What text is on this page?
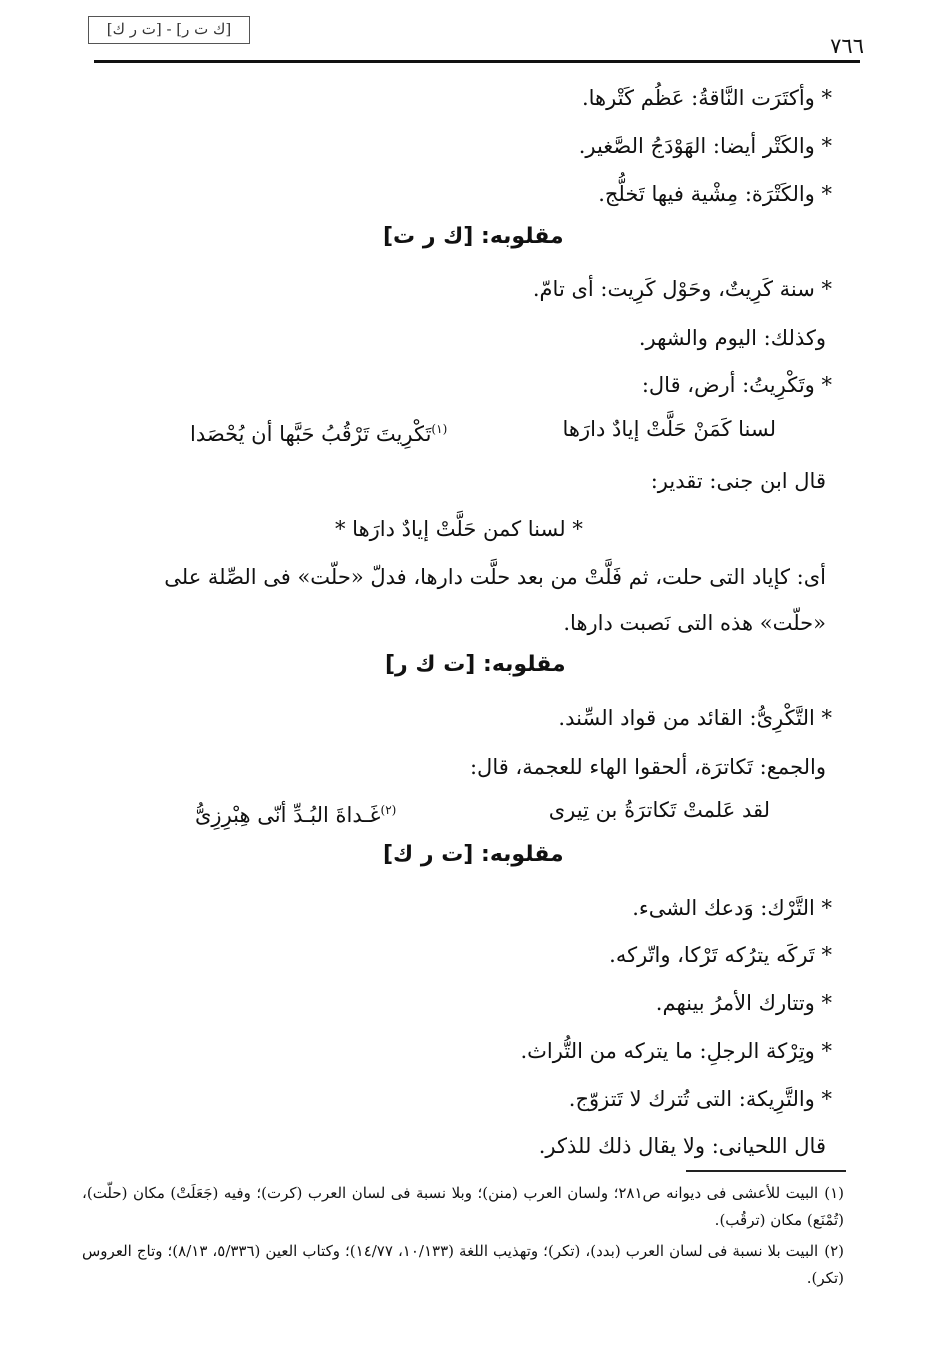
[ك ت ر] - [ت ر ك]
٧٦٦
* وأكتَرَت النَّاقةُ: عَظُم كَتْرها.
* والكَتْر أيضا: الهَوْدَجُ الصَّغير.
* والكَتْرَة: مِشْية فيها تَخلُّج.
مقلوبه: [ك ر ت]
* سنة كَرِيتٌ، وحَوْل كَرِيت: أى تامّ.
وكذلك: اليوم والشهر.
* وتَكْرِيتُ: أرض، قال:
لسنا كَمَنْ حَلَّتْ إيادٌ دارَها
$^{(١)}$تَكْرِيتَ تَرْقُبُ حَبَّها أن يُحْصَدا
قال ابن جنى: تقدير:
* لسنا كمن حَلَّتْ إيادٌ دارَها *
أى: كإياد التى حلت، ثم فَلَّتْ من بعد حلَّت دارها، فدلّ «حلّت» فى الصِّلة على
«حلّت» هذه التى نَصبت دارها.
مقلوبه: [ت ك ر]
* التَّكْرِىُّ: القائد من قواد السِّند.
والجمع: تَكاترَة، ألحقوا الهاء للعجمة، قال:
لقد عَلمتْ تَكاترَةُ بن تِيرى
$^{(٢)}$غَـداةَ البُـدِّ أنّى هِبْرِزِىُّ
مقلوبه: [ت ر ك]
* التَّرْك: وَدعك الشىء.
* تَركَه يترُكه تَرْكا، واتّركه.
* وتتارك الأمرُ بينهم.
* وتِرْكة الرجلِ: ما يتركه من التُّراث.
* والتَّرِيكة: التى تُترك لا تَتزوّج.
قال اللحيانى: ولا يقال ذلك للذكر.
(١)البيت للأعشى فى ديوانه ص٢٨١؛ ولسان العرب (منن)؛ وبلا نسبة فى لسان العرب (كرت)؛ وفيه (جَعَلَتْ) مكان (حلّت)، (تُمْنَع) مكان (ترقُب).
(٢)البيت بلا نسبة فى لسان العرب (بدد)، (تكر)؛ وتهذيب اللغة (١٠/١٣٣، ١٤/٧٧)؛ وكتاب العين (٥/٣٣٦، ٨/١٣)؛ وتاج العروس (تكر).
